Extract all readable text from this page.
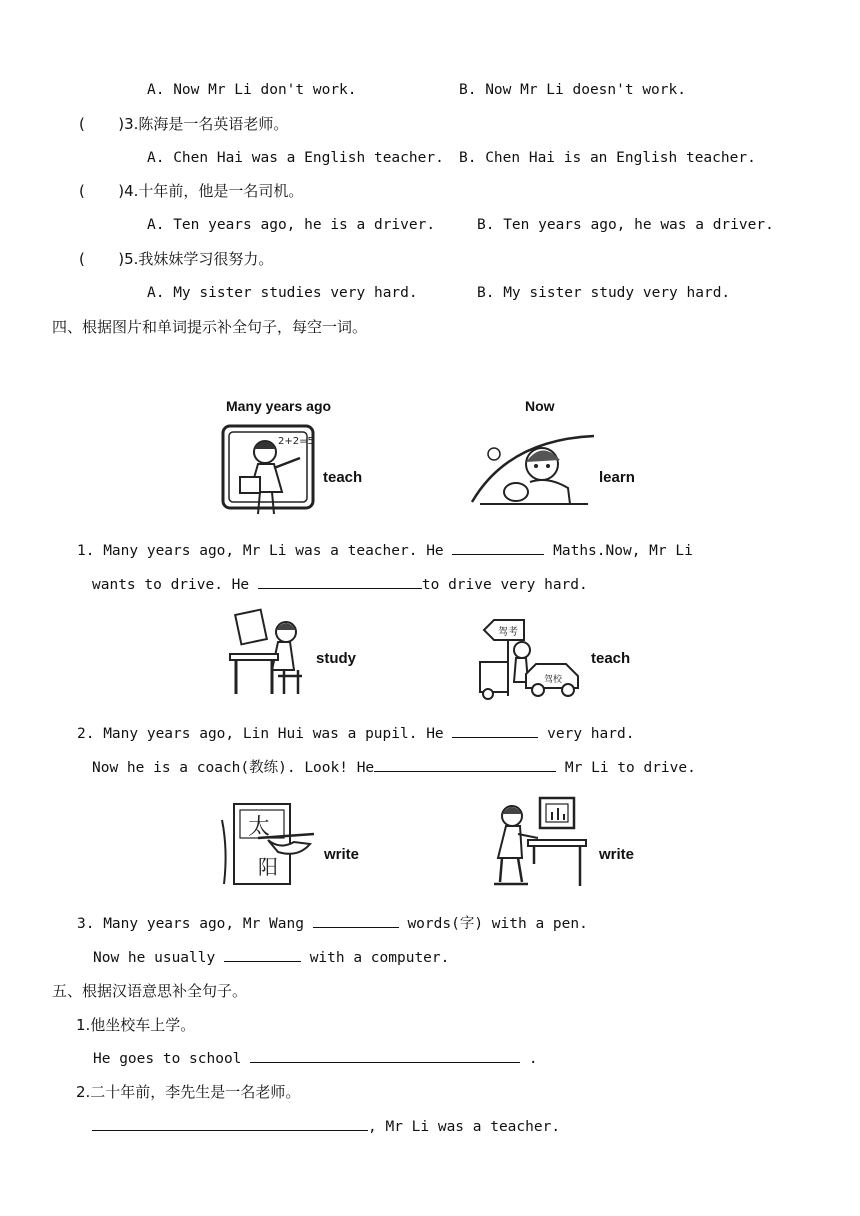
A. Now Mr Li don't work.	B. Now Mr Li doesn't work.
(       )3.陈海是一名英语老师。
A. Chen Hai was a English teacher. B. Chen Hai is an English teacher.
(       )4.十年前，他是一名司机。
A. Ten years ago, he is a driver.	B. Ten years ago, he was a driver.
(       )5.我妹妹学习很努力。
A. My sister studies very hard.	B. My sister study very hard.
四、根据图片和单词提示补全句子，每空一词。
Many years ago	Now
2+2=5
teach	learn
1. Many years ago, Mr Li was a teacher. He	Maths.Now, Mr Li
wants to drive. He	to drive very hard.
study
驾考
驾校
teach
2. Many years ago, Lin Hui was a pupil. He	very hard.
Now he is a coach(教练). Look! He	Mr Li to drive.
太
阳
write	write
3. Many years ago, Mr Wang	words(字) with a pen.
Now he usually	with a computer.
五、根据汉语意思补全句子。
1.他坐校车上学。
He goes to school	.
2.二十年前，李先生是一名老师。
, Mr Li was a teacher.
